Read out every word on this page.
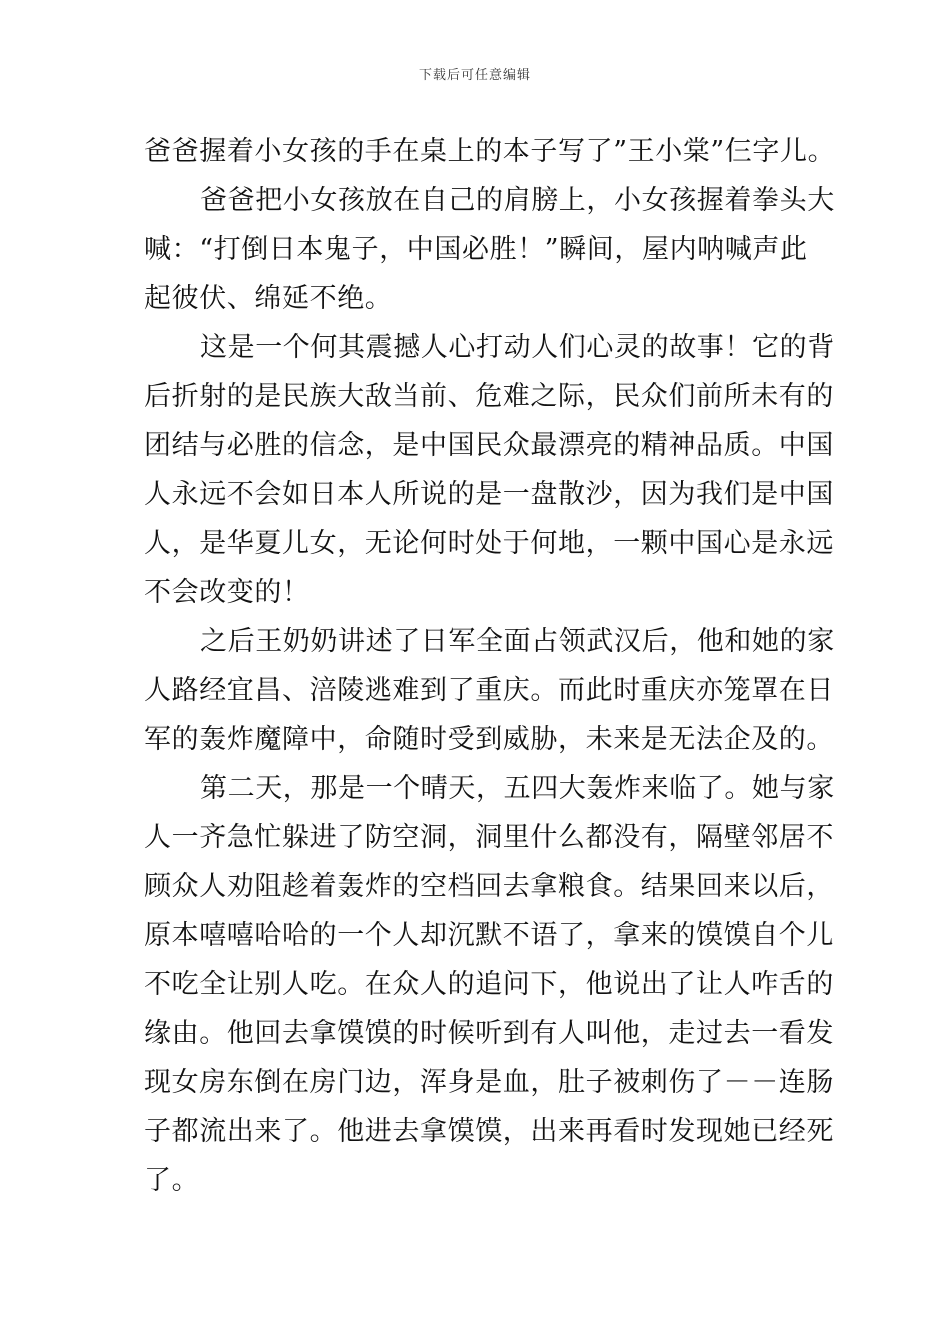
下载后可任意编辑
爸爸握着小女孩的手在桌上的本子写了”王小棠”仨字儿。
爸爸把小女孩放在自己的肩膀上，小女孩握着拳头大
喊：“打倒日本鬼子，中国必胜！”瞬间，屋内呐喊声此
起彼伏、绵延不绝。
这是一个何其震撼人心打动人们心灵的故事！它的背
后折射的是民族大敌当前、危难之际，民众们前所未有的
团结与必胜的信念，是中国民众最漂亮的精神品质。中国
人永远不会如日本人所说的是一盘散沙，因为我们是中国
人，是华夏儿女，无论何时处于何地，一颗中国心是永远
不会改变的！
之后王奶奶讲述了日军全面占领武汉后，他和她的家
人路经宜昌、涪陵逃难到了重庆。而此时重庆亦笼罩在日
军的轰炸魔障中，命随时受到威胁，未来是无法企及的。
第二天，那是一个晴天，五四大轰炸来临了。她与家
人一齐急忙躲进了防空洞，洞里什么都没有，隔壁邻居不
顾众人劝阻趁着轰炸的空档回去拿粮食。结果回来以后，
原本嘻嘻哈哈的一个人却沉默不语了，拿来的馍馍自个儿
不吃全让别人吃。在众人的追问下，他说出了让人咋舌的
缘由。他回去拿馍馍的时候听到有人叫他，走过去一看发
现女房东倒在房门边，浑身是血，肚子被刺伤了－－连肠
子都流出来了。他进去拿馍馍，出来再看时发现她已经死
了。
